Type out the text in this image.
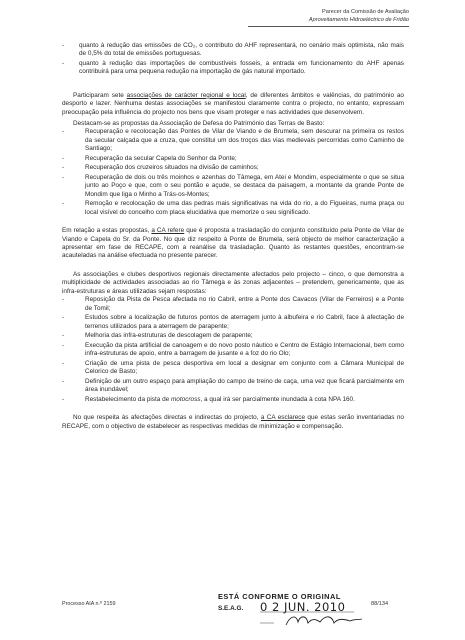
Parecer da Comissão de Avaliação
Aproveitamento Hidroeléctrico de Fridão
- quanto à redução das emissões de CO₂, o contributo do AHF representará, no cenário mais optimista, não mais de 0,5% do total de emissões portuguesas.
- quanto à redução das importações de combustíveis fosseis, a entrada em funcionamento do AHF apenas contribuirá para uma pequena redução na importação de gás natural importado.

Participaram sete associações de carácter regional e local, de diferentes âmbitos e valências, do património ao desporto e lazer. Nenhuma destas associações se manifestou claramente contra o projecto, no entanto, expressam preocupação pela influência do projecto nos bens que visam proteger e nas actividades que desenvolvem.

Destacam-se as propostas da Associação de Defesa do Património das Terras de Basto:

- Recuperação e recolocação das Pontes de Vilar de Viando e de Brumela, sem descurar na primeira os restos da secular calçada que a cruza, que constitui um dos troços das vias medievais percorridas como Caminho de Santiago;
- Recuperação da secular Capela do Senhor da Ponte;
- Recuperação dos cruzeiros situados na divisão de caminhos;
- Recuperação de dois ou três moinhos e azenhas do Tâmega, em Atei e Mondim, especialmente o que se situa junto ao Poço e que, com o seu pontão e açude, se destaca da paisagem, a montante da grande Ponte de Mondim que liga o Minho a Trás-os-Montes;
- Remoção e recolocação de uma das pedras mais significativas na vida do rio, a do Figueiras, numa praça ou local visível do concelho com placa elucidativa que memorize o seu significado.

Em relação a estas propostas, a CA refere que é proposta a trasladação do conjunto constituído pela Ponte de Vilar de Viando e Capela do Sr. da Ponte. No que diz respeito à Ponte de Brumela, será objecto de melhor caracterização a apresentar em fase de RECAPE, com a reanálise da trasladação. Quanto às restantes questões, encontram-se acauteladas na análise efectuada no presente parecer.

As associações e clubes desportivos regionais directamente afectados pelo projecto – cinco, o que demonstra a multiplicidade de actividades associadas ao rio Tâmega e às zonas adjacentes – pretendem, genericamente, que as infra-estruturas e áreas utilizadas sejam respostas:

- Reposição da Pista de Pesca afectada no rio Cabril, entre a Ponte dos Cavacos (Vilar de Ferreiros) e a Ponte de Tomil;
- Estudos sobre a localização de futuros pontos de aterragem junto à albufeira e rio Cabril, face à afectação de terrenos utilizados para a aterragem de parapente;
- Melhoria das infra-estruturas de descolagem de parapente;
- Execução da pista artificial de canoagem e do novo posto náutico e Centro de Estágio Internacional, bem como infra-estruturas de apoio, entre a barragem de jusante e a foz do rio Olo;
- Criação de uma pista de pesca desportiva em local a designar em conjunto com a Câmara Municipal de Celorico de Basto;
- Definição de um outro espaço para ampliação do campo de treino de caça, uma vez que ficará parcialmente em área inundável;
- Restabelecimento da pista de motocross, a qual irá ser parcialmente inundada à cota NPA 160.

No que respeita às afectações directas e indirectas do projecto, a CA esclarece que estas serão inventariadas no RECAPE, com o objectivo de estabelecer as respectivas medidas de minimização e compensação.

Processo AIA n.º 2159	88/134
ESTÁ CONFORME O ORIGINAL
S.E.A.G. 0 2 JUN. 2010
